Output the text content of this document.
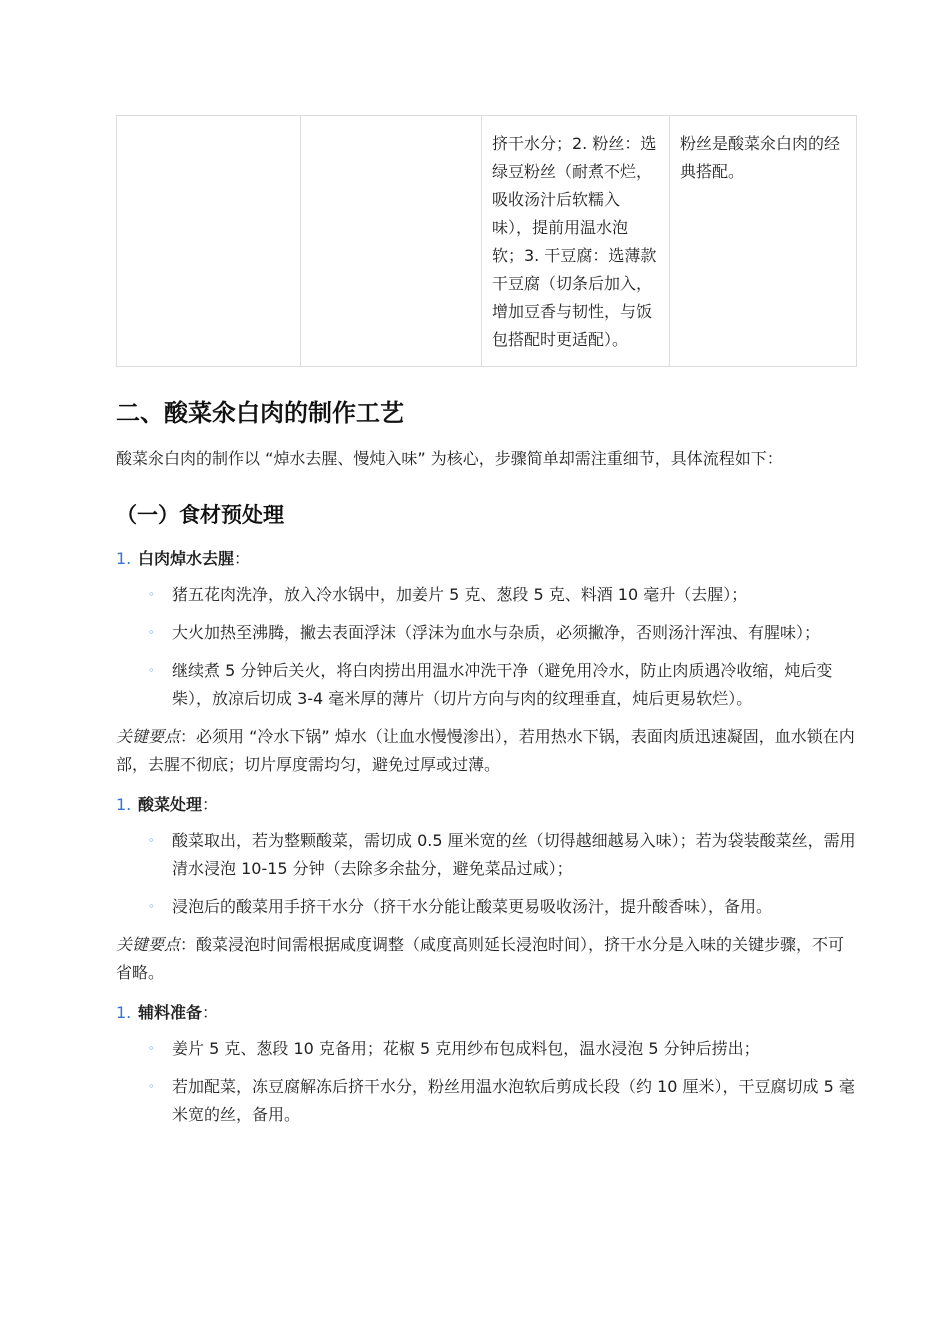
		挤干水分；2. 粉丝：选绿豆粉丝（耐煮不烂，吸收汤汁后软糯入味），提前用温水泡软；3. 干豆腐：选薄款干豆腐（切条后加入，增加豆香与韧性，与饭包搭配时更适配）。	粉丝是酸菜氽白肉的经典搭配。
二、酸菜氽白肉的制作工艺

酸菜氽白肉的制作以 “焯水去腥、慢炖入味” 为核心，步骤简单却需注重细节，具体流程如下：

（一）食材预处理
1. 白肉焯水去腥：
◦ 猪五花肉洗净，放入冷水锅中，加姜片 5 克、葱段 5 克、料酒 10 毫升（去腥）；
◦ 大火加热至沸腾，撇去表面浮沫（浮沫为血水与杂质，必须撇净，否则汤汁浑浊、有腥味）；
◦ 继续煮 5 分钟后关火，将白肉捞出用温水冲洗干净（避免用冷水，防止肉质遇冷收缩，炖后变柴），放凉后切成 3-4 毫米厚的薄片（切片方向与肉的纹理垂直，炖后更易软烂）。

关键要点：必须用 “冷水下锅” 焯水（让血水慢慢渗出），若用热水下锅，表面肉质迅速凝固，血水锁在内部，去腥不彻底；切片厚度需均匀，避免过厚或过薄。

1. 酸菜处理：
◦ 酸菜取出，若为整颗酸菜，需切成 0.5 厘米宽的丝（切得越细越易入味）；若为袋装酸菜丝，需用清水浸泡 10-15 分钟（去除多余盐分，避免菜品过咸）；
◦ 浸泡后的酸菜用手挤干水分（挤干水分能让酸菜更易吸收汤汁，提升酸香味），备用。

关键要点：酸菜浸泡时间需根据咸度调整（咸度高则延长浸泡时间），挤干水分是入味的关键步骤，不可省略。

1. 辅料准备：
◦ 姜片 5 克、葱段 10 克备用；花椒 5 克用纱布包成料包，温水浸泡 5 分钟后捞出；
◦ 若加配菜，冻豆腐解冻后挤干水分，粉丝用温水泡软后剪成长段（约 10 厘米），干豆腐切成 5 毫米宽的丝，备用。
